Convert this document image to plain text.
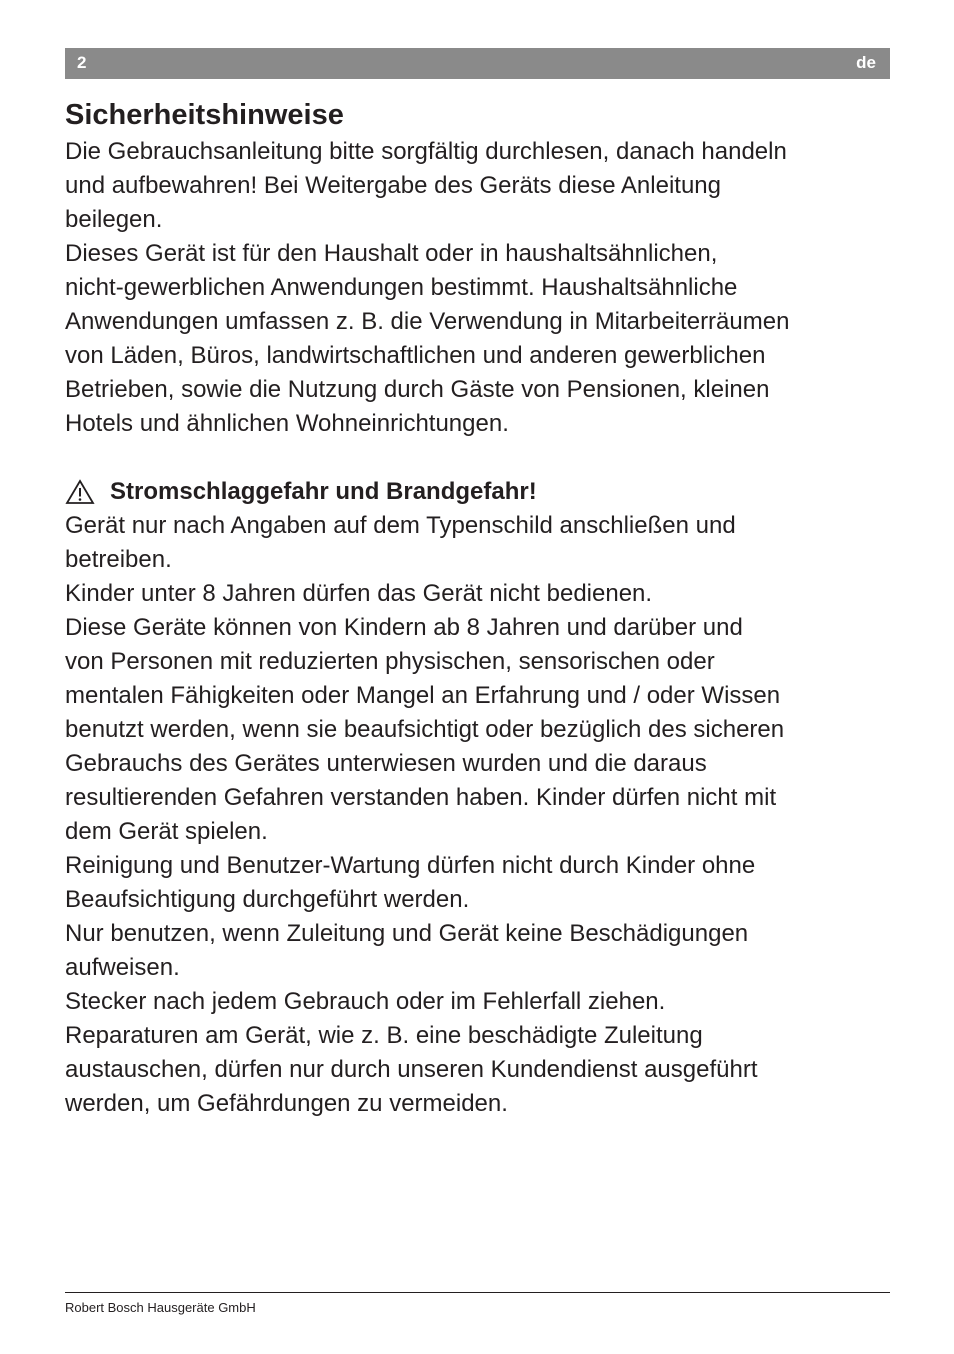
2	de
Sicherheitshinweise

Die Gebrauchsanleitung bitte sorgfältig durchlesen, danach handeln
und aufbewahren! Bei Weitergabe des Geräts diese Anleitung
beilegen.

Dieses Gerät ist für den Haushalt oder in haushaltsähnlichen,
nicht-gewerblichen Anwendungen bestimmt. Haushaltsähnliche
Anwendungen umfassen z. B. die Verwendung in Mitarbeiterräumen
von Läden, Büros, landwirtschaftlichen und anderen gewerblichen
Betrieben, sowie die Nutzung durch Gäste von Pensionen, kleinen
Hotels und ähnlichen Wohneinrichtungen.

Stromschlaggefahr und Brandgefahr!

Gerät nur nach Angaben auf dem Typenschild anschließen und
betreiben.

Kinder unter 8 Jahren dürfen das Gerät nicht bedienen.

Diese Geräte können von Kindern ab 8 Jahren und darüber und
von Personen mit reduzierten physischen, sensorischen oder
mentalen Fähigkeiten oder Mangel an Erfahrung und / oder Wissen
benutzt werden, wenn sie beaufsichtigt oder bezüglich des sicheren
Gebrauchs des Gerätes unterwiesen wurden und die daraus
resultierenden Gefahren verstanden haben. Kinder dürfen nicht mit
dem Gerät spielen.

Reinigung und Benutzer-Wartung dürfen nicht durch Kinder ohne
Beaufsichtigung durchgeführt werden.

Nur benutzen, wenn Zuleitung und Gerät keine Beschädigungen
aufweisen.

Stecker nach jedem Gebrauch oder im Fehlerfall ziehen.

Reparaturen am Gerät, wie z. B. eine beschädigte Zuleitung
austauschen, dürfen nur durch unseren Kundendienst ausgeführt
werden, um Gefährdungen zu vermeiden.

Robert Bosch Hausgeräte GmbH
